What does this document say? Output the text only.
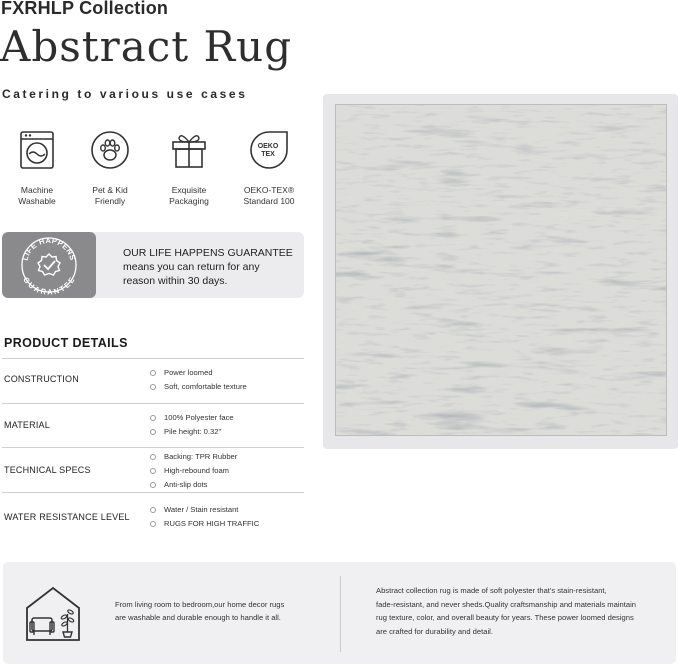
FXRHLP Collection
Abstract Rug
Catering to various use cases
Machine
Washable
Pet & Kid
Friendly
Exquisite
Packaging
OEKO
TEX
OEKO-TEX®
Standard 100
LIFE HAPPENS
GUARANTEE
OUR LIFE HAPPENS GUARANTEE
means you can return for any
reason within 30 days.
PRODUCT DETAILS
CONSTRUCTION
Power loomed
Soft, comfortable texture
MATERIAL
100% Polyester face
Pile height: 0.32"
TECHNICAL SPECS
Backing: TPR Rubber
High-rebound foam
Anti-slip dots
WATER RESISTANCE LEVEL
Water / Stain resistant
RUGS FOR HIGH TRAFFIC
From living room to bedroom,our home decor rugs
are washable and durable enough to handle it all.
Abstract collection rug is made of soft polyester that's stain-resistant,
fade-resistant, and never sheds.Quality craftsmanship and materials maintain
rug texture, color, and overall beauty for years. These power loomed designs
are crafted for durability and detail.
